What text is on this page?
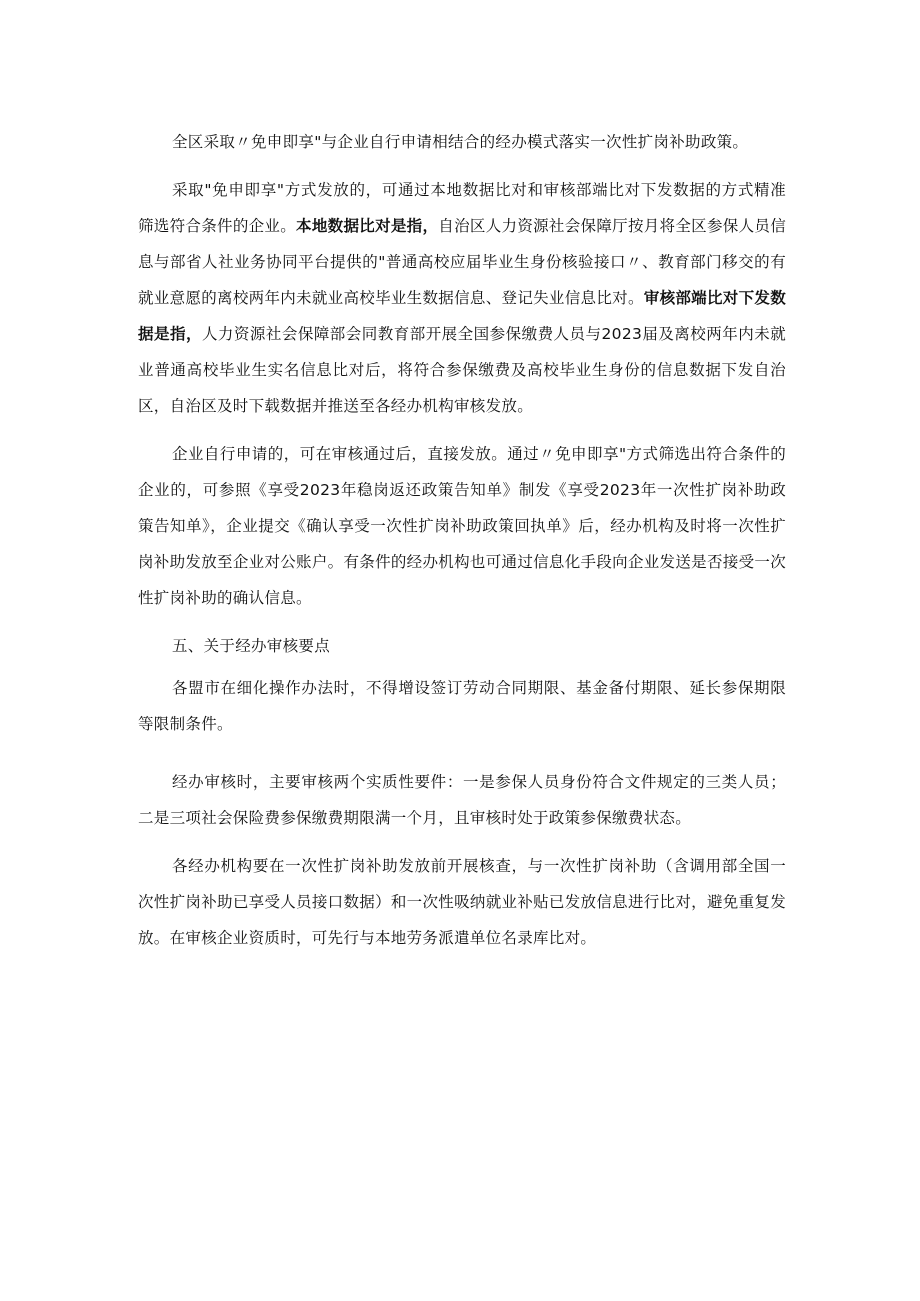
全区采取〃免申即享"与企业自行申请相结合的经办模式落实一次性扩岗补助政策。

采取"免申即享"方式发放的，可通过本地数据比对和审核部端比对下发数据的方式精准筛选符合条件的企业。本地数据比对是指，自治区人力资源社会保障厅按月将全区参保人员信息与部省人社业务协同平台提供的"普通高校应届毕业生身份核验接口〃、教育部门移交的有就业意愿的离校两年内未就业高校毕业生数据信息、登记失业信息比对。审核部端比对下发数据是指，人力资源社会保障部会同教育部开展全国参保缴费人员与2023届及离校两年内未就业普通高校毕业生实名信息比对后，将符合参保缴费及高校毕业生身份的信息数据下发自治区，自治区及时下载数据并推送至各经办机构审核发放。

企业自行申请的，可在审核通过后，直接发放。通过〃免申即享"方式筛选出符合条件的企业的，可参照《享受2023年稳岗返还政策告知单》制发《享受2023年一次性扩岗补助政策告知单》，企业提交《确认享受一次性扩岗补助政策回执单》后，经办机构及时将一次性扩岗补助发放至企业对公账户。有条件的经办机构也可通过信息化手段向企业发送是否接受一次性扩岗补助的确认信息。

五、关于经办审核要点

各盟市在细化操作办法时，不得增设签订劳动合同期限、基金备付期限、延长参保期限等限制条件。

经办审核时，主要审核两个实质性要件：一是参保人员身份符合文件规定的三类人员；二是三项社会保险费参保缴费期限满一个月，且审核时处于政策参保缴费状态。

各经办机构要在一次性扩岗补助发放前开展核查，与一次性扩岗补助（含调用部全国一次性扩岗补助已享受人员接口数据）和一次性吸纳就业补贴已发放信息进行比对，避免重复发放。在审核企业资质时，可先行与本地劳务派遣单位名录库比对。
